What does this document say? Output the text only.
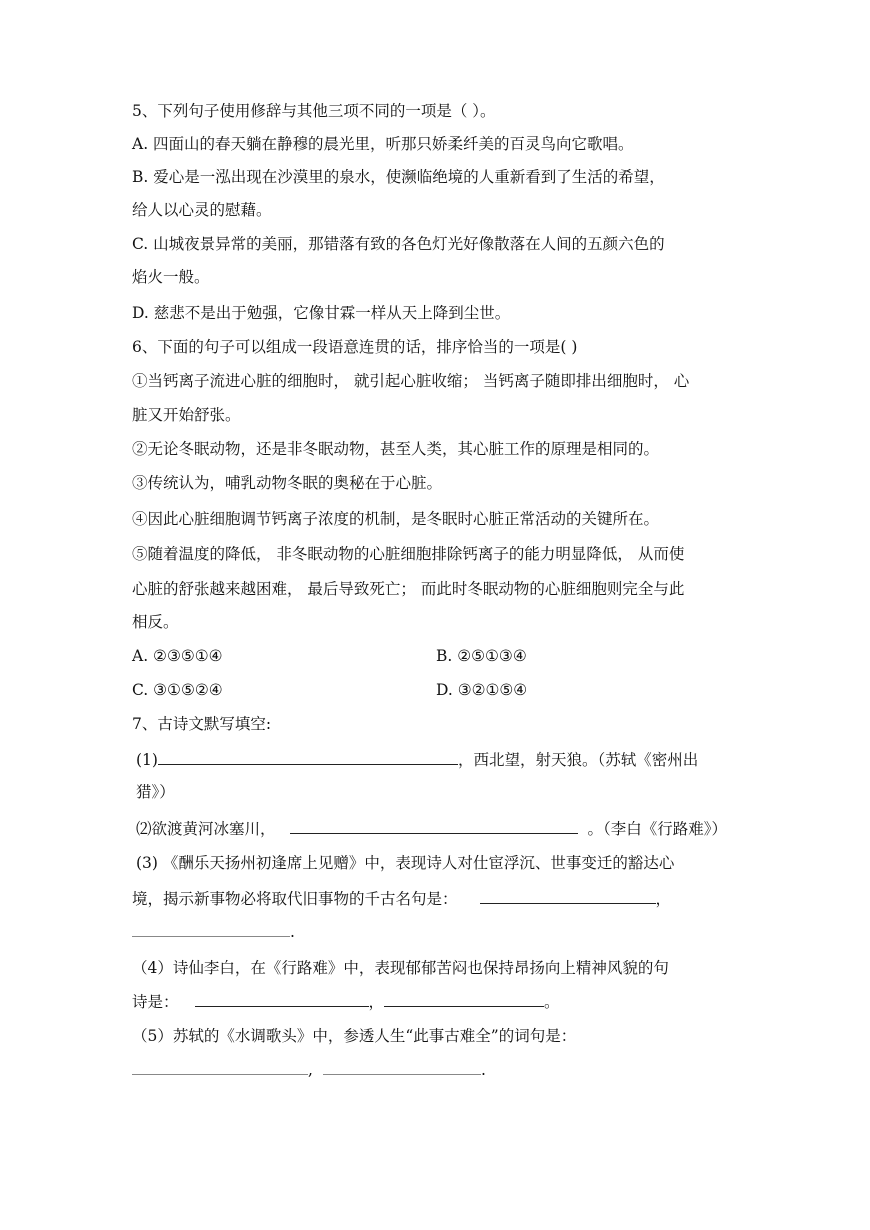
5、下列句子使用修辞与其他三项不同的一项是（ ）。
A. 四面山的春天躺在静穆的晨光里，听那只娇柔纤美的百灵鸟向它歌唱。
B. 爱心是一泓出现在沙漠里的泉水，使濒临绝境的人重新看到了生活的希望，
给人以心灵的慰藉。
C. 山城夜景异常的美丽，那错落有致的各色灯光好像散落在人间的五颜六色的
焰火一般。
D. 慈悲不是出于勉强，它像甘霖一样从天上降到尘世。
6、下面的句子可以组成一段语意连贯的话，排序恰当的一项是( )
①当钙离子流进心脏的细胞时， 就引起心脏收缩； 当钙离子随即排出细胞时， 心
脏又开始舒张。
②无论冬眠动物，还是非冬眠动物，甚至人类，其心脏工作的原理是相同的。
③传统认为，哺乳动物冬眠的奥秘在于心脏。
④因此心脏细胞调节钙离子浓度的机制，是冬眠时心脏正常活动的关键所在。
⑤随着温度的降低， 非冬眠动物的心脏细胞排除钙离子的能力明显降低， 从而使
心脏的舒张越来越困难， 最后导致死亡； 而此时冬眠动物的心脏细胞则完全与此
相反。
A. ②③⑤①④	B. ②⑤①③④
C. ③①⑤②④	D. ③②①⑤④
7、古诗文默写填空:
(1)	，西北望，射天狼。（苏轼《密州出
猎》）
⑵欲渡黄河冰塞川，	。（李白《行路难》）
(3) 《酬乐天扬州初逢席上见赠》中，表现诗人对仕宦浮沉、世事变迁的豁达心
境，揭示新事物必将取代旧事物的千古名句是：	，
.
（4）诗仙李白，在《行路难》中，表现郁郁苦闷也保持昂扬向上精神风貌的句
诗是：	，	。
（5）苏轼的《水调歌头》中，参透人生“此事古难全”的词句是：
,	.
